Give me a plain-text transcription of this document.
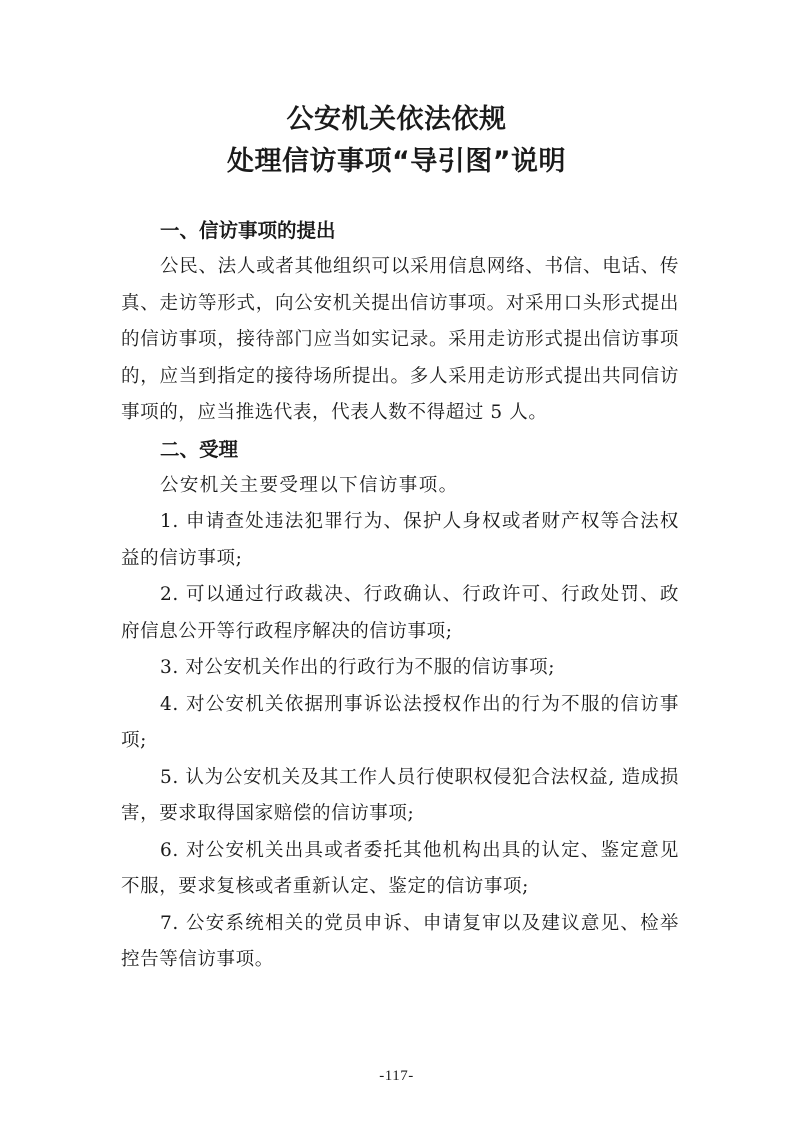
公安机关依法依规
处理信访事项“导引图”说明
一、信访事项的提出

公民、法人或者其他组织可以采用信息网络、书信、电话、传真、走访等形式，向公安机关提出信访事项。对采用口头形式提出的信访事项，接待部门应当如实记录。采用走访形式提出信访事项的，应当到指定的接待场所提出。多人采用走访形式提出共同信访事项的，应当推选代表，代表人数不得超过 5 人。

二、受理

公安机关主要受理以下信访事项。

1. 申请查处违法犯罪行为、保护人身权或者财产权等合法权益的信访事项;

2. 可以通过行政裁决、行政确认、行政许可、行政处罚、政府信息公开等行政程序解决的信访事项;

3. 对公安机关作出的行政行为不服的信访事项;

4. 对公安机关依据刑事诉讼法授权作出的行为不服的信访事项;

5. 认为公安机关及其工作人员行使职权侵犯合法权益, 造成损害，要求取得国家赔偿的信访事项;

6. 对公安机关出具或者委托其他机构出具的认定、鉴定意见不服，要求复核或者重新认定、鉴定的信访事项;

7. 公安系统相关的党员申诉、申请复审以及建议意见、检举控告等信访事项。

-117-
